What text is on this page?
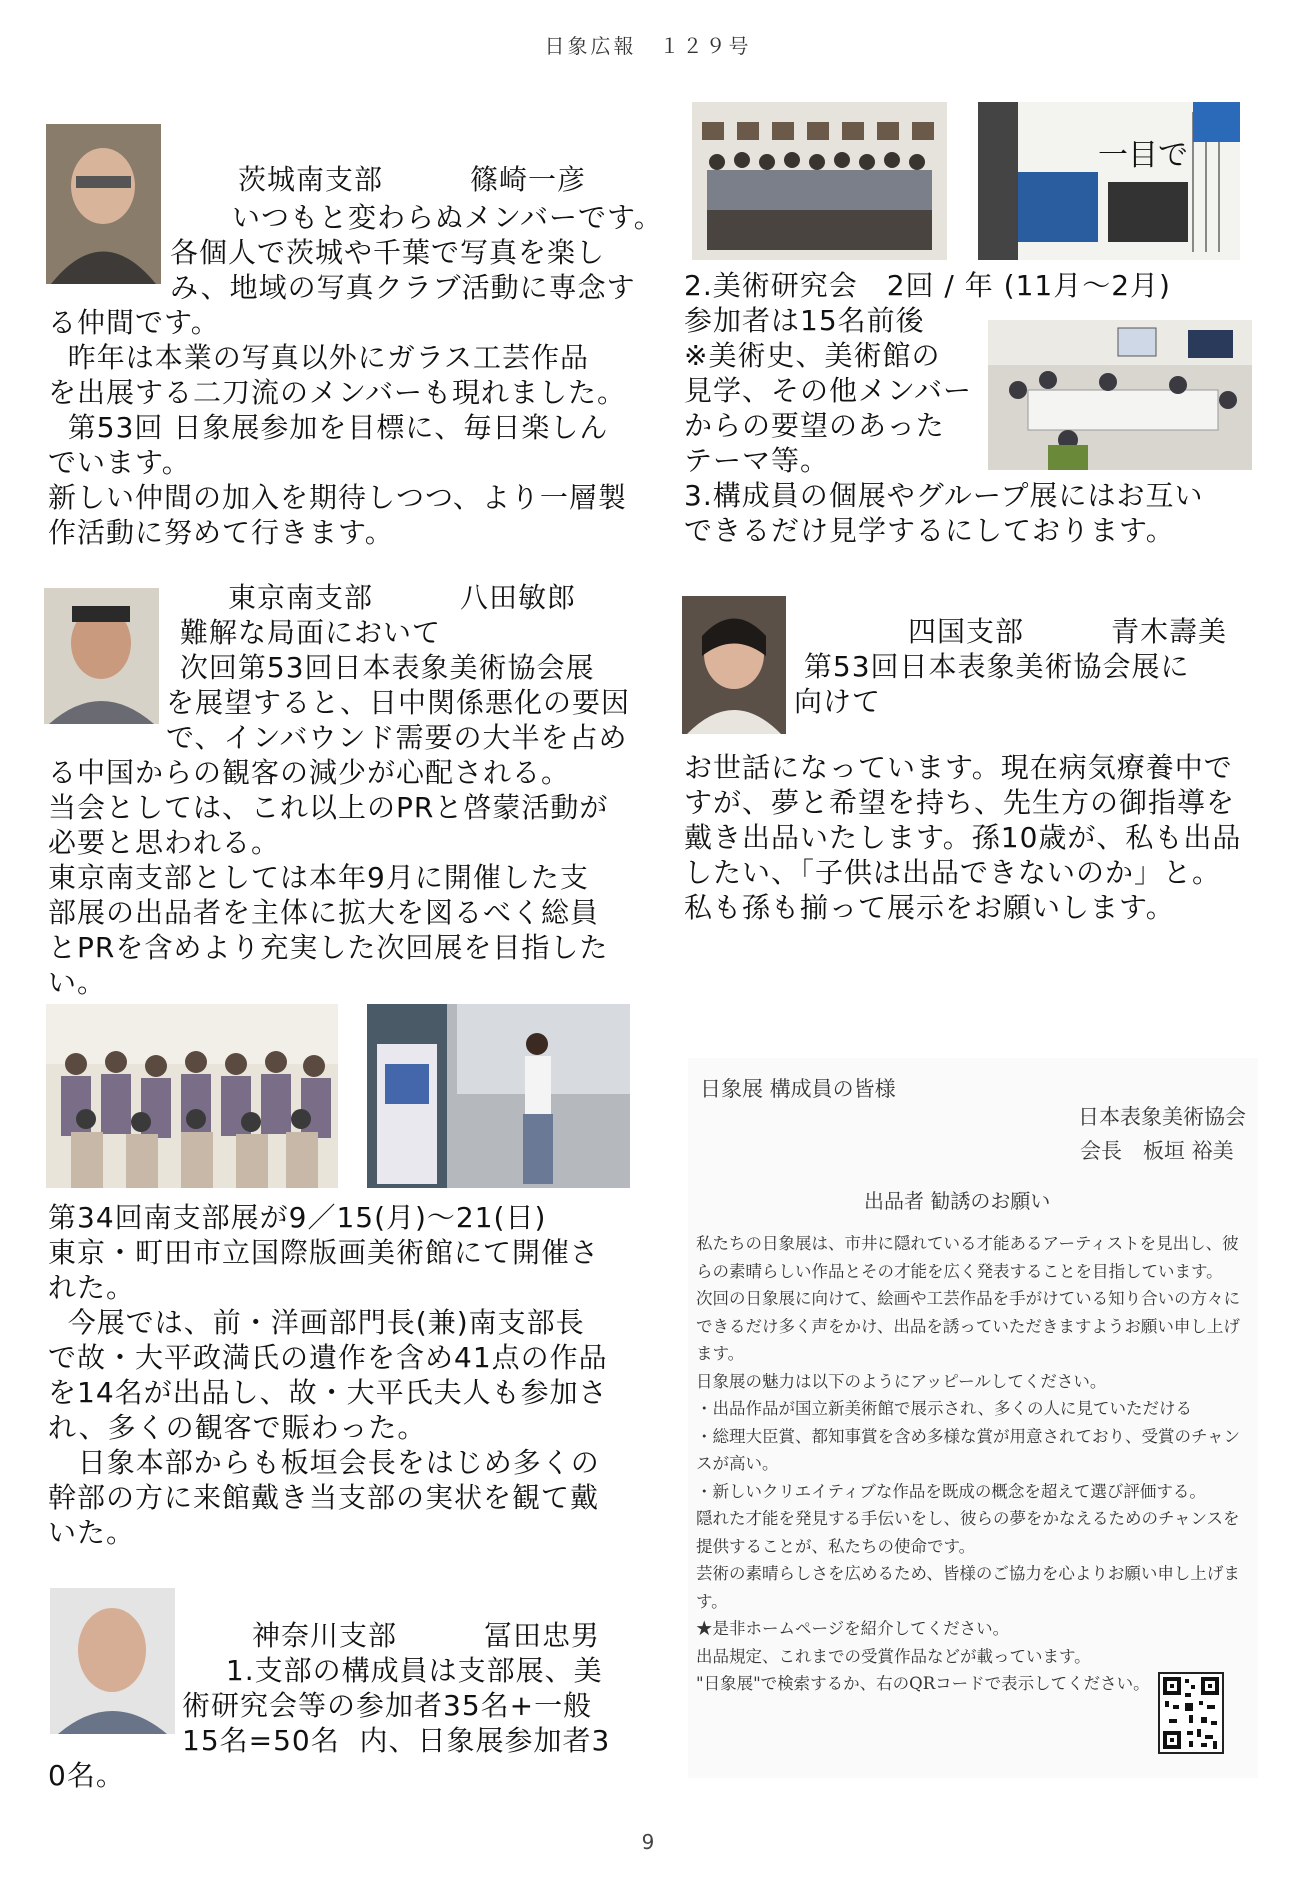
日象広報　１２９号
茨城南支部　　　篠崎一彦
　いつもと変わらぬメンバーです。
各個人で茨城や千葉で写真を楽し
み、地域の写真クラブ活動に専念す
る仲間です。
昨年は本業の写真以外にガラス工芸作品
を出展する二刀流のメンバーも現れました。
第53回 日象展参加を目標に、毎日楽しん
でいます。
新しい仲間の加入を期待しつつ、より一層製
作活動に努めて行きます。
東京南支部　　　八田敏郎
難解な局面において
次回第53回日本表象美術協会展
を展望すると、日中関係悪化の要因
で、インバウンド需要の大半を占め
る中国からの観客の減少が心配される。
当会としては、これ以上のPRと啓蒙活動が
必要と思われる。
東京南支部としては本年9月に開催した支
部展の出品者を主体に拡大を図るべく総員
とPRを含めより充実した次回展を目指した
い。
第34回南支部展が9／15(月)～21(日)
東京・町田市立国際版画美術館にて開催さ
れた。
今展では、前・洋画部門長(兼)南支部長
で故・大平政満氏の遺作を含め41点の作品
を14名が出品し、故・大平氏夫人も参加さ
れ、多くの観客で賑わった。
日象本部からも板垣会長をはじめ多くの
幹部の方に来館戴き当支部の実状を観て戴
いた。
神奈川支部　　　冨田忠男
1.支部の構成員は支部展、美
術研究会等の参加者35名+一般
15名=50名  内、日象展参加者3
0名。
一目で
2.美術研究会　2回 / 年 (11月～2月)
参加者は15名前後
※美術史、美術館の
見学、その他メンバー
からの要望のあった
テーマ等。
3.構成員の個展やグループ展にはお互い
できるだけ見学するにしております。
四国支部　　　青木壽美
第53回日本表象美術協会展に
向けて
お世話になっています。現在病気療養中で
すが、夢と希望を持ち、先生方の御指導を
戴き出品いたします。孫10歳が、私も出品
したい、「子供は出品できないのか」と。
私も孫も揃って展示をお願いします。
日象展 構成員の皆様
日本表象美術協会
会長　板垣 裕美
出品者 勧誘のお願い
私たちの日象展は、市井に隠れている才能あるアーティストを見出し、彼
らの素晴らしい作品とその才能を広く発表することを目指しています。
次回の日象展に向けて、絵画や工芸作品を手がけている知り合いの方々に
できるだけ多く声をかけ、出品を誘っていただきますようお願い申し上げ
ます。
日象展の魅力は以下のようにアッピールしてください。
・出品作品が国立新美術館で展示され、多くの人に見ていただける
・総理大臣賞、都知事賞を含め多様な賞が用意されており、受賞のチャン
スが高い。
・新しいクリエイティブな作品を既成の概念を超えて選び評価する。
隠れた才能を発見する手伝いをし、彼らの夢をかなえるためのチャンスを
提供することが、私たちの使命です。
芸術の素晴らしさを広めるため、皆様のご協力を心よりお願い申し上げま
す。
★是非ホームページを紹介してください。
出品規定、これまでの受賞作品などが載っています。
"日象展"で検索するか、右のQRコードで表示してください。
9
